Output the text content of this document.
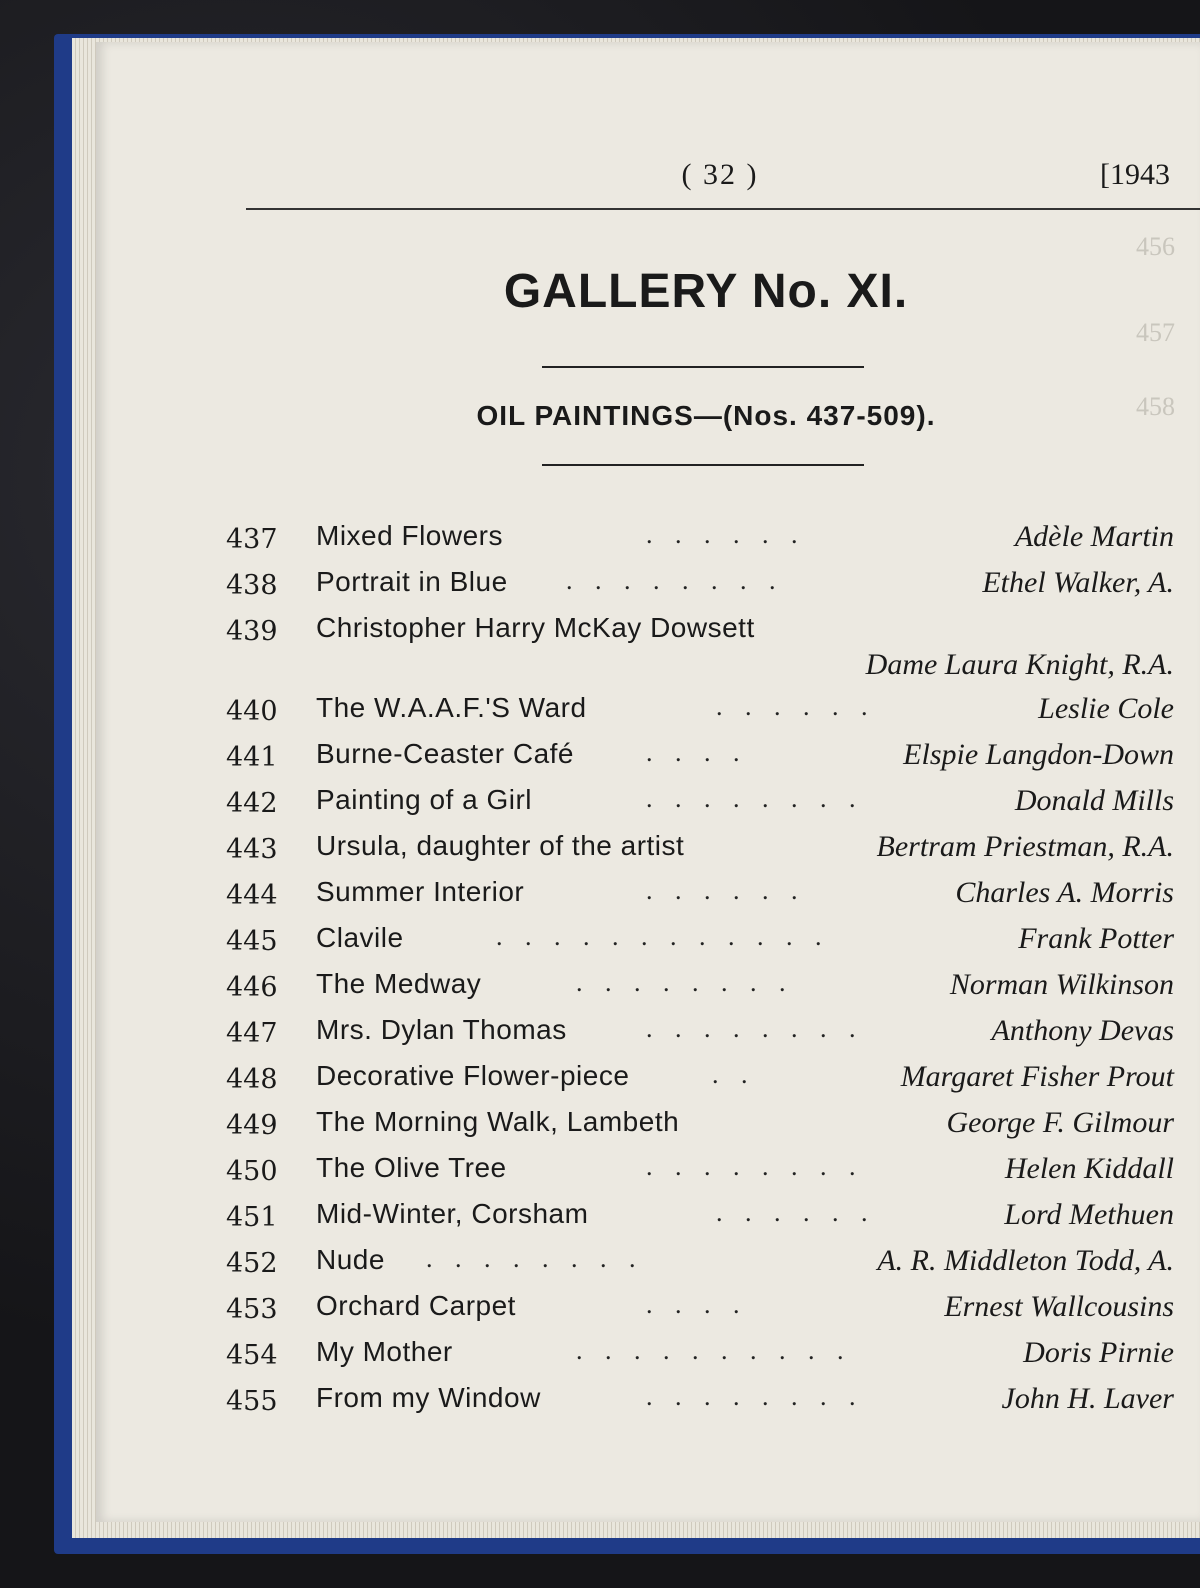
456
457
458
( 32 )	[1943
GALLERY No. XI.
OIL PAINTINGS—(Nos. 437-509).
437	Mixed Flowers	. . . . . .	Adèle Martin
438	Portrait in Blue . . . . . . . .	Ethel Walker, A.
439	Christopher Harry McKay Dowsett
Dame Laura Knight, R.A.
440	The W.A.A.F.'S Ward	. . . . . .	Leslie Cole
441	Burne-Ceaster Café	. . . .	Elspie Langdon-Down
442	Painting of a Girl	. . . . . . . .	Donald Mills
443	Ursula, daughter of the artist	Bertram Priestman, R.A.
444	Summer Interior	. . . . . .	Charles A. Morris
445	Clavile	. . . . . . . . . . . .	Frank Potter
446	The Medway	. . . . . . . .	Norman Wilkinson
447	Mrs. Dylan Thomas	. . . . . . . .	Anthony Devas
448	Decorative Flower-piece	. .	Margaret Fisher Prout
449	The Morning Walk, Lambeth	George F. Gilmour
450	The Olive Tree	. . . . . . . .	Helen Kiddall
451	Mid-Winter, Corsham	. . . . . .	Lord Methuen
452	Nude . . . . . . . .	A. R. Middleton Todd, A.
453	Orchard Carpet	. . . .	Ernest Wallcousins
454	My Mother	. . . . . . . . . .	Doris Pirnie
455	From my Window	. . . . . . . .	John H. Laver
